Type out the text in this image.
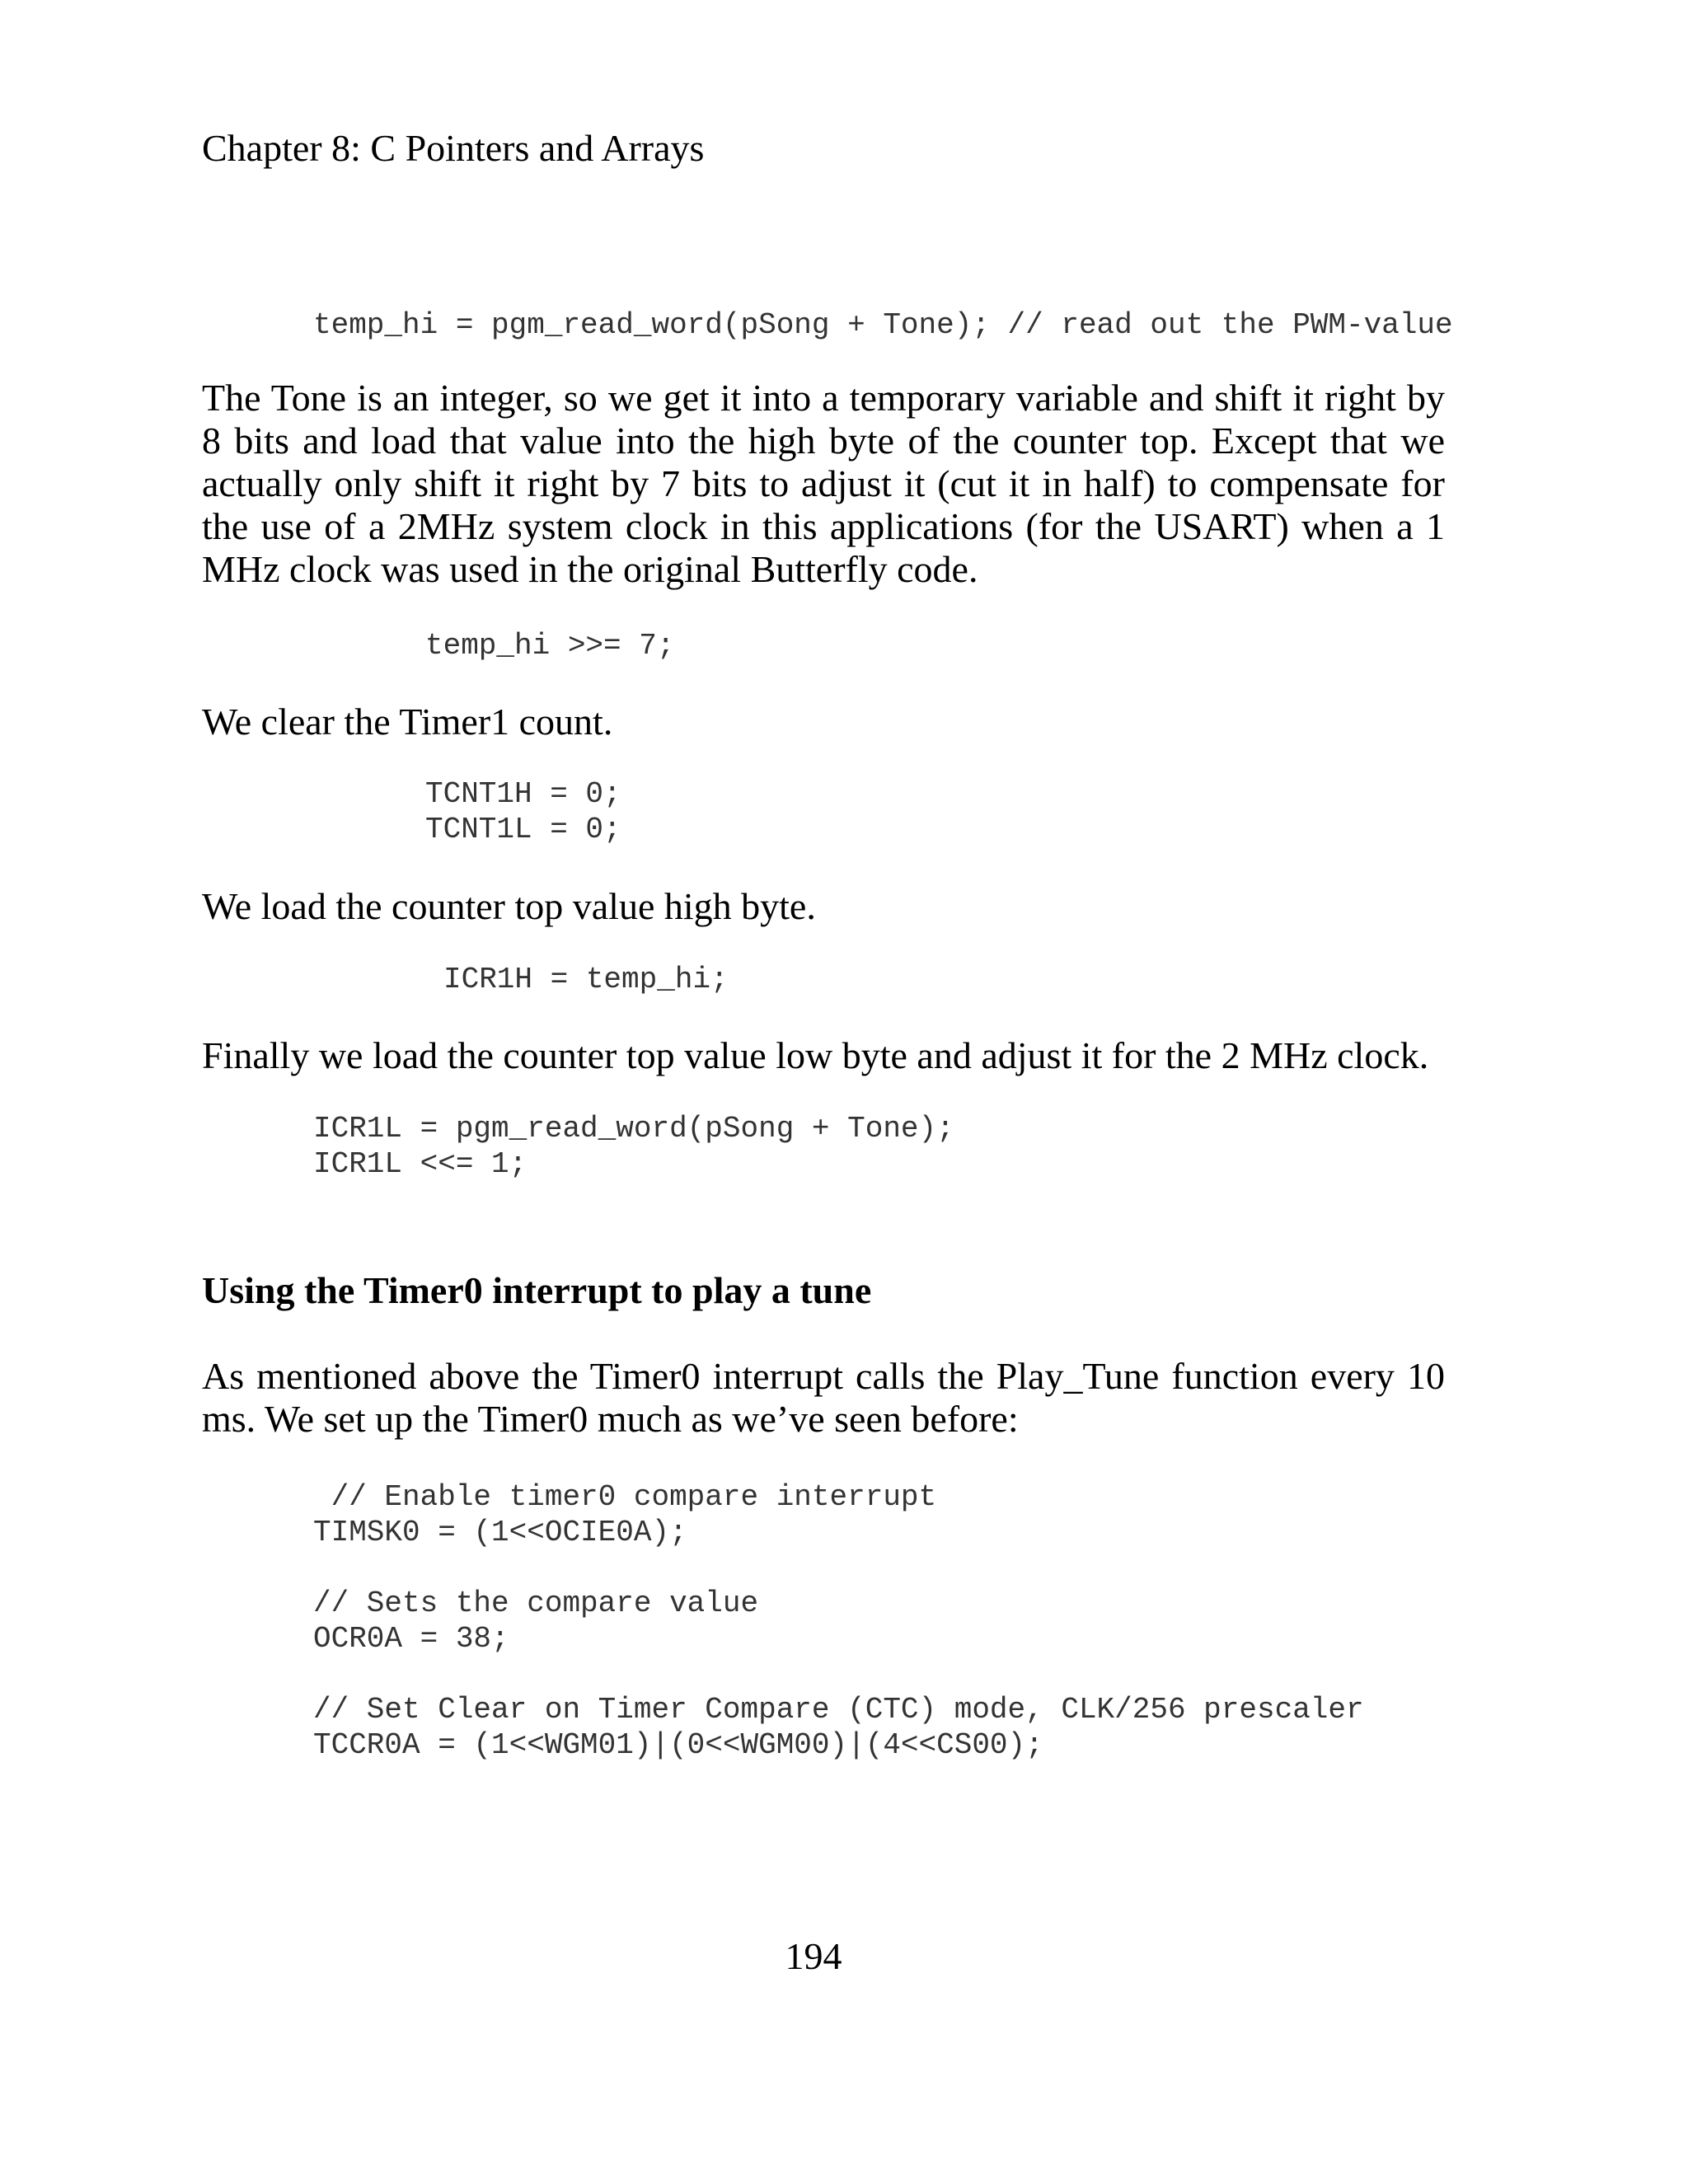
Chapter 8: C Pointers and Arrays
temp_hi = pgm_read_word(pSong + Tone); // read out the PWM-value
The Tone is an integer, so we get it into a temporary variable and shift it right by 8 bits and load that value into the high byte of the counter top. Except that we actually only shift it right by 7 bits to adjust it (cut it in half) to compensate for the use of a 2MHz system clock in this applications (for the USART) when a 1 MHz clock was used in the original Butterfly code.
temp_hi >>= 7;
We clear the Timer1 count.
TCNT1H = 0;
TCNT1L = 0;
We load the counter top value high byte.
ICR1H = temp_hi;
Finally we load the counter top value low byte and adjust it for the 2 MHz clock.
ICR1L = pgm_read_word(pSong + Tone);
ICR1L <<= 1;
Using the Timer0 interrupt to play a tune
As mentioned above the Timer0 interrupt calls the Play_Tune function every 10 ms. We set up the Timer0 much as we’ve seen before:
// Enable timer0 compare interrupt
TIMSK0 = (1<<OCIE0A);

// Sets the compare value
OCR0A = 38;

// Set Clear on Timer Compare (CTC) mode, CLK/256 prescaler
TCCR0A = (1<<WGM01)|(0<<WGM00)|(4<<CS00);
194
